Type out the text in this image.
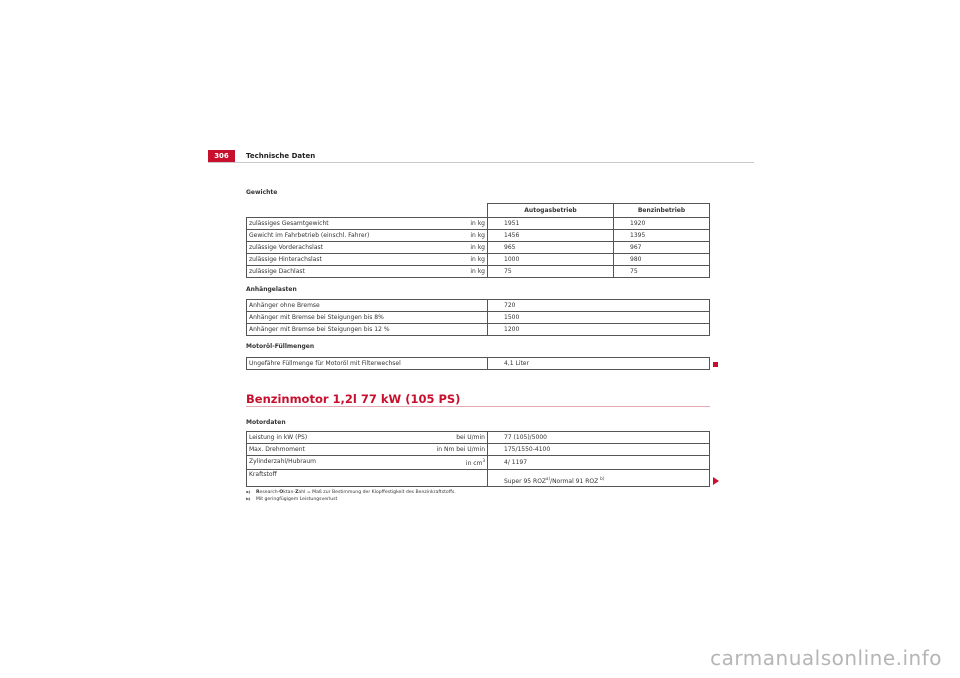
306	Technische Daten
Gewichte
	Autogasbetrieb	Benzinbetrieb
zulässiges Gesamtgewicht in kg	1951	1920
Gewicht im Fahrbetrieb (einschl. Fahrer) in kg	1456	1395
zulässige Vorderachslast in kg	965	967
zulässige Hinterachslast in kg	1000	980
zulässige Dachlast in kg	75	75
Anhängelasten
Anhänger ohne Bremse	720
Anhänger mit Bremse bei Steigungen bis 8%	1500
Anhänger mit Bremse bei Steigungen bis 12 %	1200
Motoröl-Füllmengen
Ungefähre Füllmenge für Motoröl mit Filterwechsel	4,1 Liter
Benzinmotor 1,2l 77 kW (105 PS)
Motordaten
Leistung in kW (PS) bei U/min	77 (105)/5000
Max. Drehmoment in Nm bei U/min	175/1550-4100
Zylinderzahl/Hubraum in $cm^3$	4/ 1197
Kraftstoff	Super 95 ROZ$^{a)}$/Normal 91 ROZ $^{b)}$
a) Research-Oktan-Zahl = Maß zur Bestimmung der Klopffestigkeit des Benzinkraftstoffs.
b) Mit geringfügigem Leistungsverlust
carmanualsonline.info
